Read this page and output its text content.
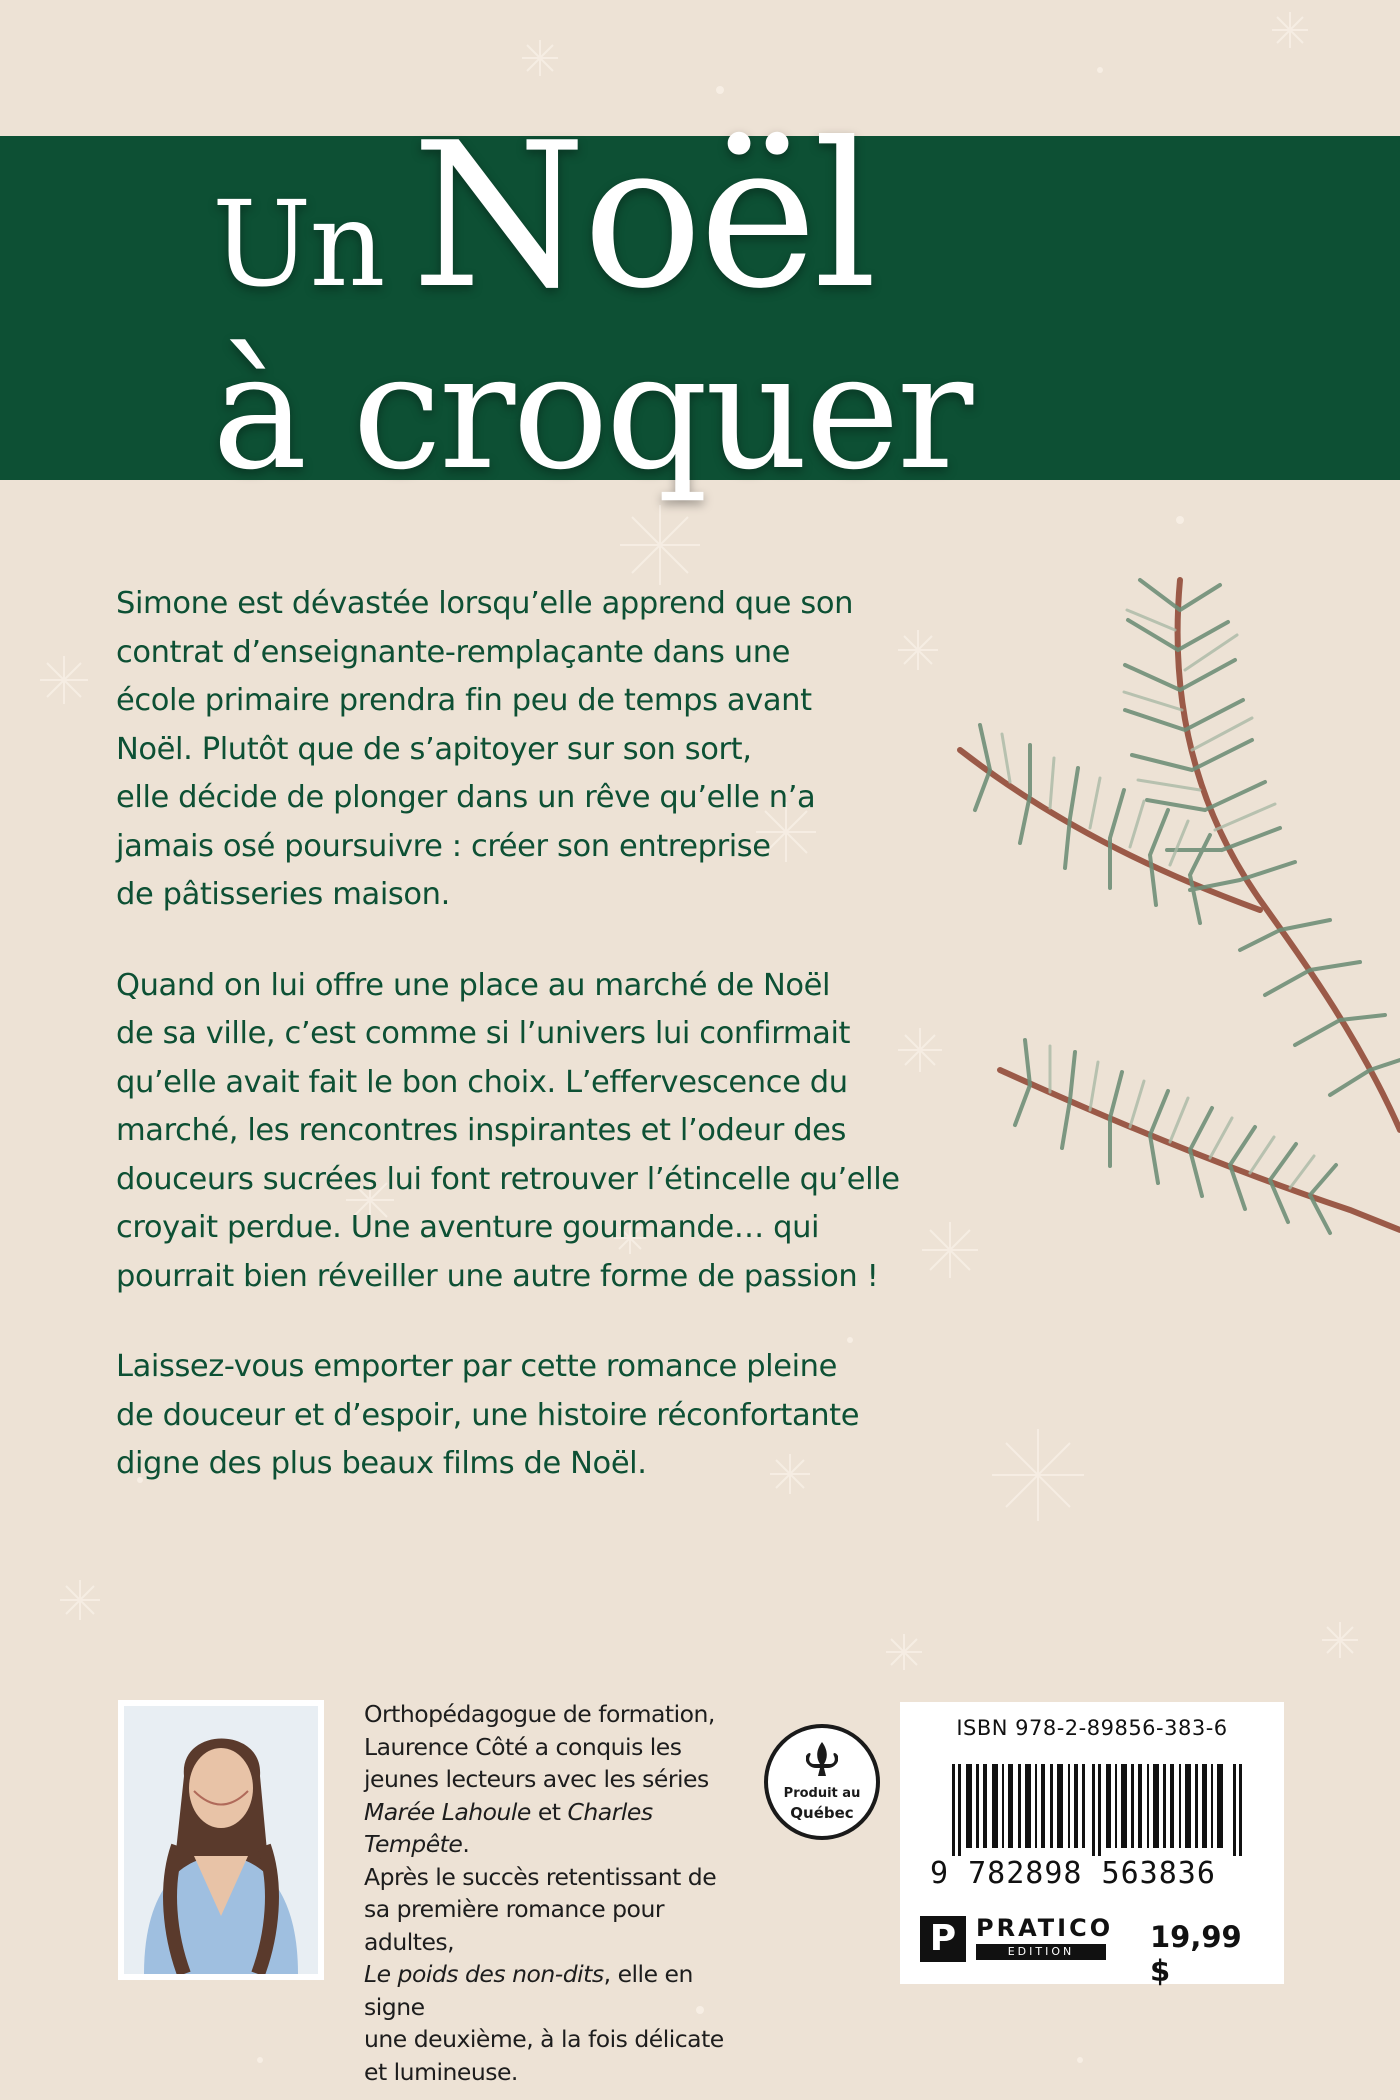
Un Noël
à croquer

Simone est dévastée lorsqu’elle apprend que son
contrat d’enseignante-remplaçante dans une
école primaire prendra fin peu de temps avant
Noël. Plutôt que de s’apitoyer sur son sort,
elle décide de plonger dans un rêve qu’elle n’a
jamais osé poursuivre : créer son entreprise
de pâtisseries maison.

Quand on lui offre une place au marché de Noël
de sa ville, c’est comme si l’univers lui confirmait
qu’elle avait fait le bon choix. L’effervescence du
marché, les rencontres inspirantes et l’odeur des
douceurs sucrées lui font retrouver l’étincelle qu’elle
croyait perdue. Une aventure gourmande… qui
pourrait bien réveiller une autre forme de passion !

Laissez-vous emporter par cette romance pleine
de douceur et d’espoir, une histoire réconfortante
digne des plus beaux films de Noël.

Orthopédagogue de formation,
Laurence Côté a conquis les
jeunes lecteurs avec les séries
Marée Lahoule et Charles Tempête.
Après le succès retentissant de
sa première romance pour adultes,
Le poids des non-dits, elle en signe
une deuxième, à la fois délicate
et lumineuse.
Produit au
Québec
ISBN 978-2-89856-383-6
9 782898 563836
P PRATICO
EDITION	19,99 $
